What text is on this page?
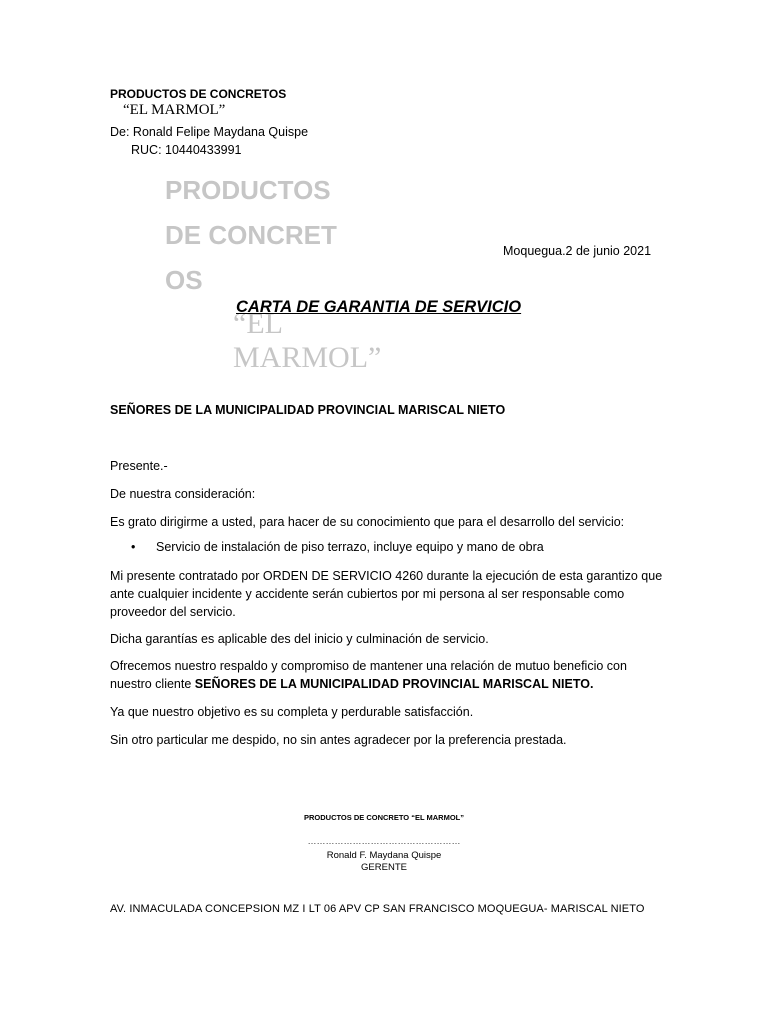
PRODUCTOS DE CONCRETOS
“EL MARMOL”
De: Ronald Felipe Maydana Quispe
RUC: 10440433991
PRODUCTOS DE CONCRETOS
“EL MARMOL”
Moquegua.2 de junio 2021
CARTA DE GARANTIA DE SERVICIO
SEÑORES DE LA MUNICIPALIDAD PROVINCIAL MARISCAL NIETO

Presente.-

De nuestra consideración:

Es grato dirigirme a usted, para hacer de su conocimiento que para el desarrollo del servicio:

• Servicio de instalación de piso terrazo, incluye equipo y mano de obra

Mi presente contratado por ORDEN DE SERVICIO 4260 durante la ejecución de esta garantizo que ante cualquier incidente y accidente serán cubiertos por mi persona al ser responsable como proveedor del servicio.

Dicha garantías es aplicable des del inicio y culminación de servicio.

Ofrecemos nuestro respaldo y compromiso de mantener una relación de mutuo beneficio con nuestro cliente SEÑORES DE LA MUNICIPALIDAD PROVINCIAL MARISCAL NIETO.

Ya que nuestro objetivo es su completa y perdurable satisfacción.

Sin otro particular me despido, no sin antes agradecer por la preferencia prestada.

PRODUCTOS DE CONCRETO “EL MARMOL”
……………………………………………
Ronald F. Maydana Quispe
GERENTE
AV. INMACULADA CONCEPSION MZ I LT 06 APV CP SAN FRANCISCO MOQUEGUA- MARISCAL NIETO
